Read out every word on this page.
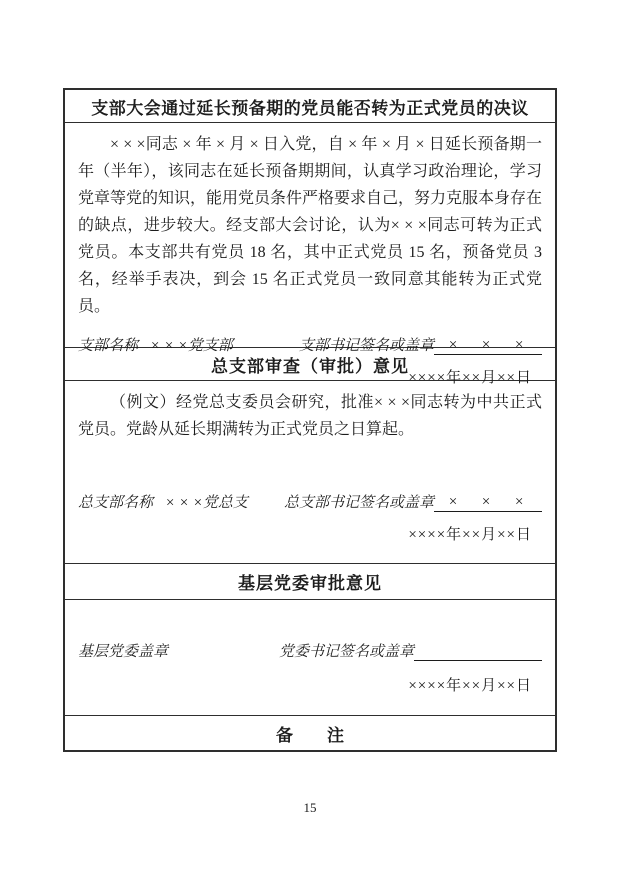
支部大会通过延长预备期的党员能否转为正式党员的决议

× × ×同志 × 年 × 月 × 日入党，自 × 年 × 月 × 日延长预备期一年（半年），该同志在延长预备期期间，认真学习政治理论，学习党章等党的知识，能用党员条件严格要求自己，努力克服本身存在的缺点，进步较大。经支部大会讨论，认为× × ×同志可转为正式党员。本支部共有党员 18 名，其中正式党员 15 名，预备党员 3 名，经举手表决，到会 15 名正式党员一致同意其能转为正式党员。

支部名称 × × ×党支部	支部书记签名或盖章 ×　×　×
××××年××月××日
总支部审查（审批）意见

（例文）经党总支委员会研究，批准× × ×同志转为中共正式党员。党龄从延长期满转为正式党员之日算起。

总支部名称 × × ×党总支 总支部书记签名或盖章 ×　×　×
××××年××月××日
基层党委审批意见
基层党委盖章	党委书记签名或盖章
××××年××月××日
备　　注
15
